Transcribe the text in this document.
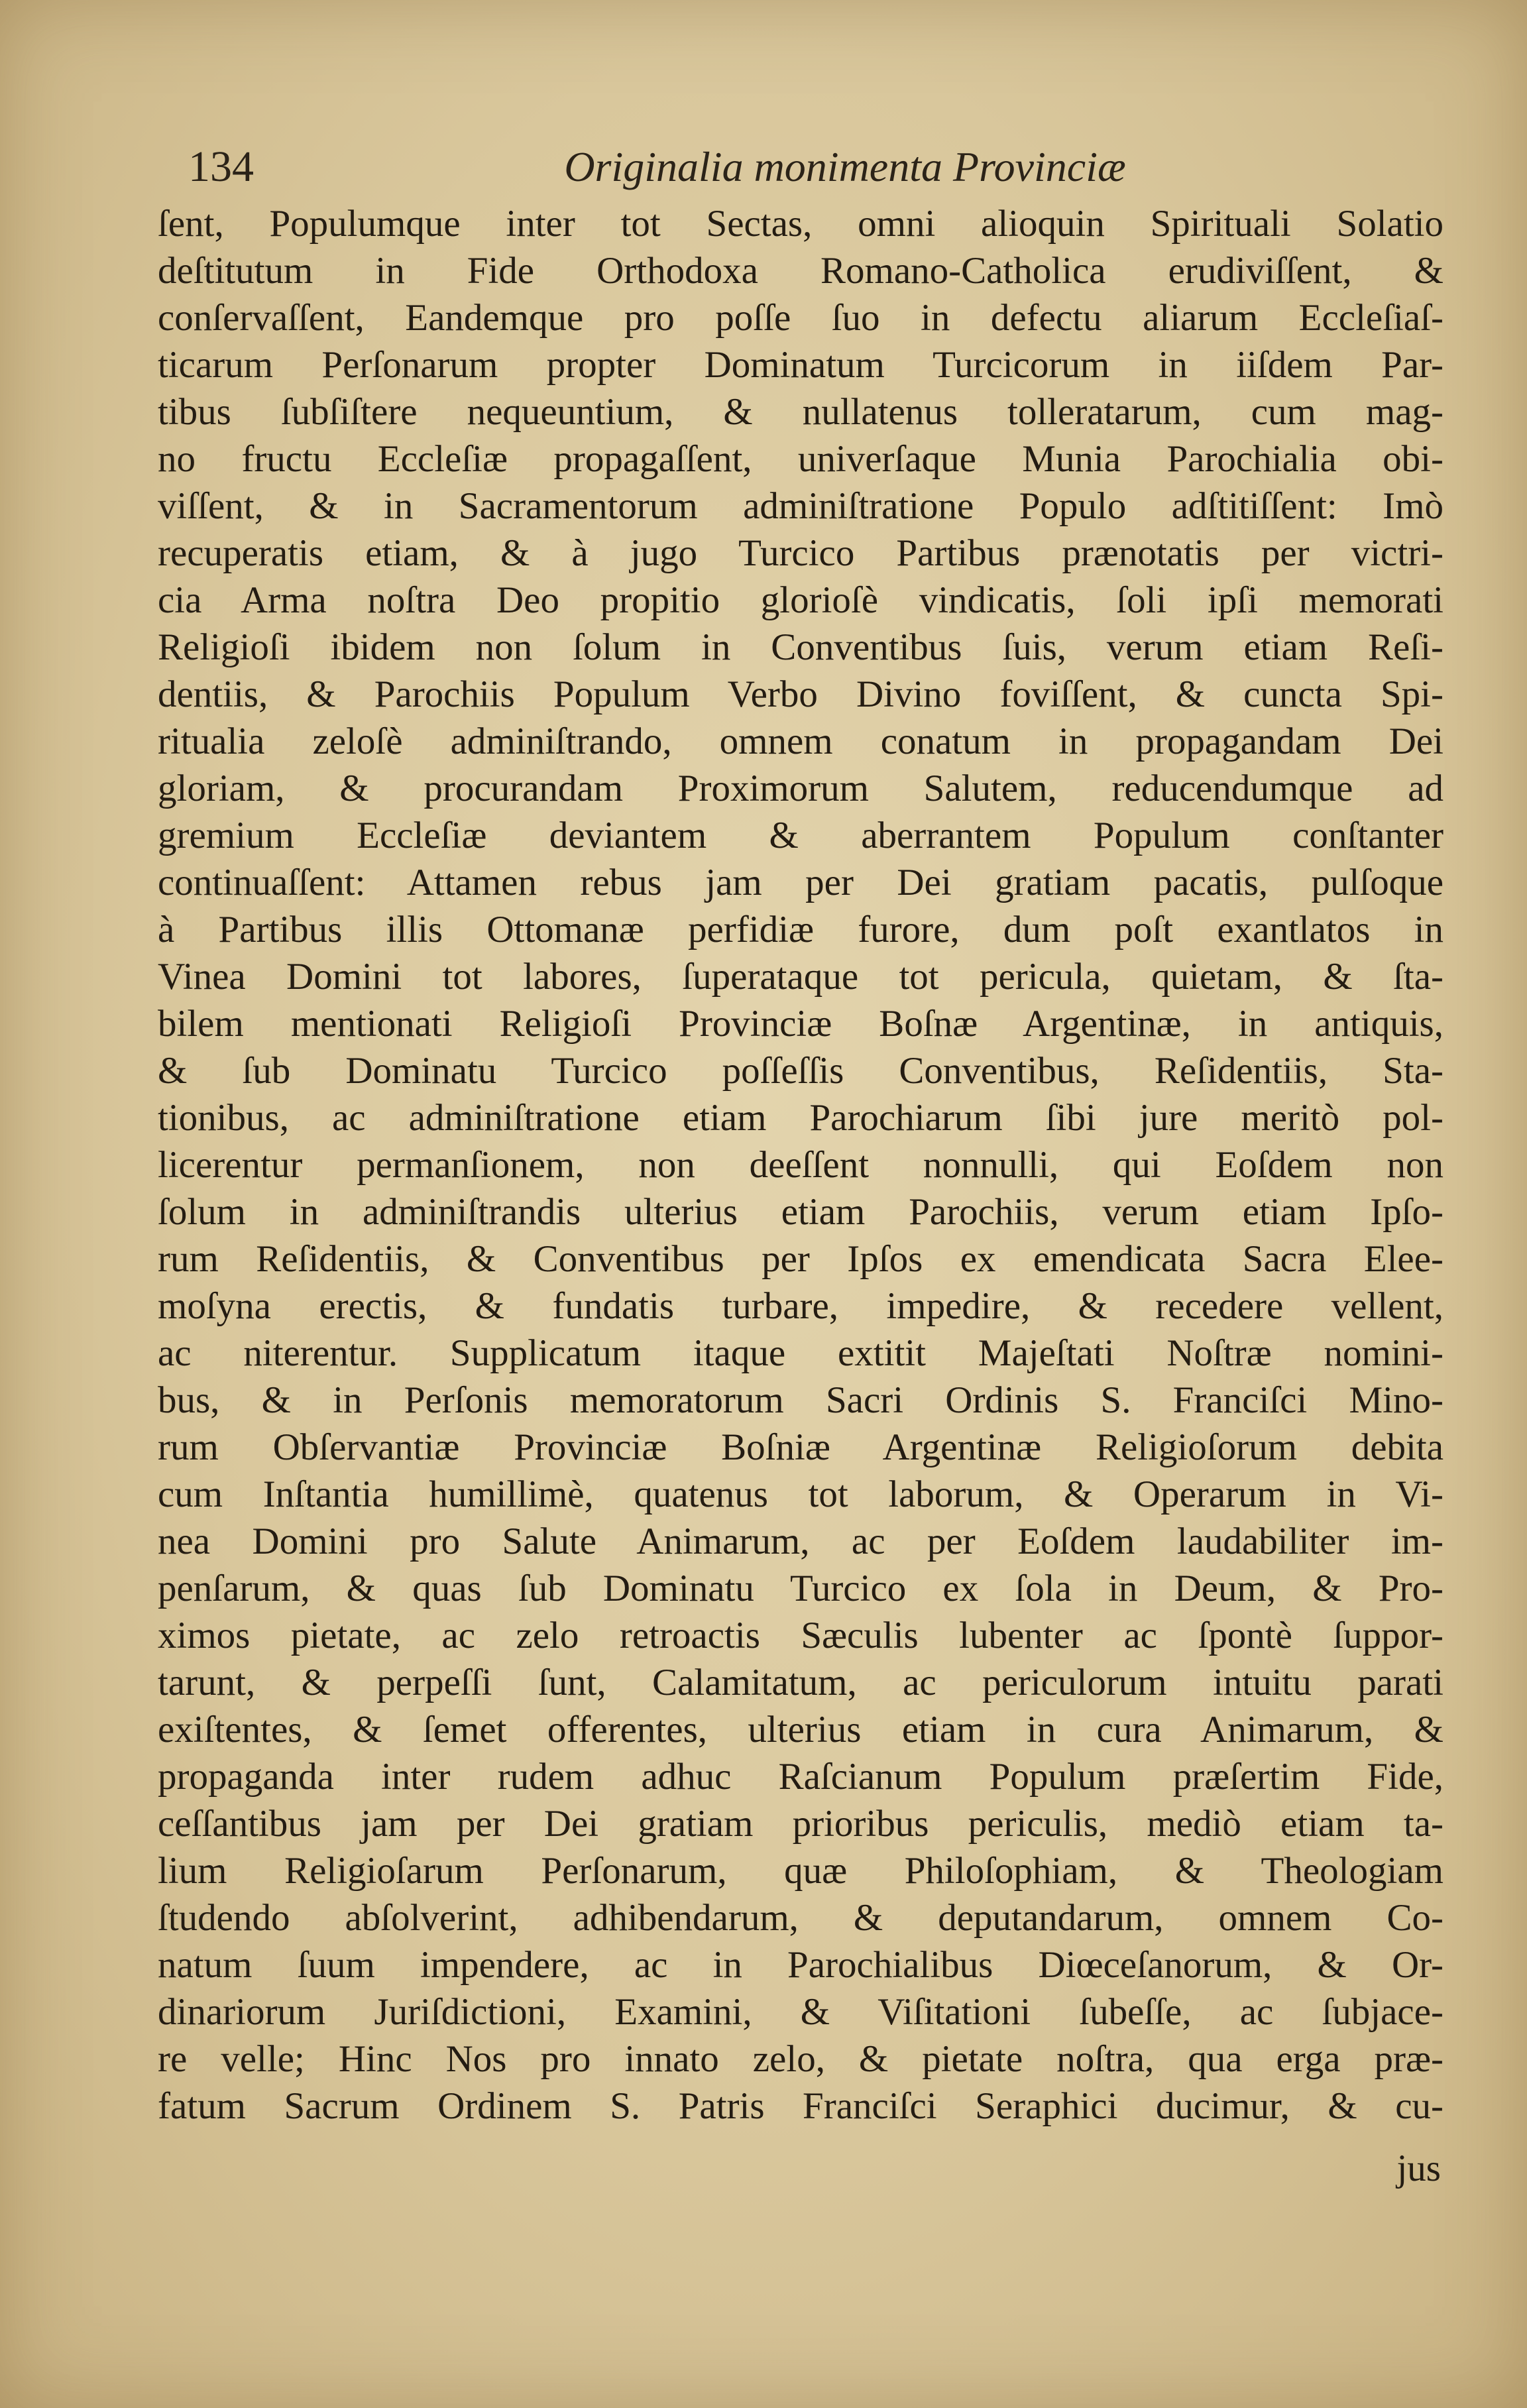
134	Originalia monimenta Provinciæ
ſent, Populumque inter tot Sectas, omni alioquin Spirituali Solatio
deſtitutum in Fide Orthodoxa Romano-Catholica erudiviſſent, &
conſervaſſent, Eandemque pro poſſe ſuo in defectu aliarum Eccleſiaſ-
ticarum Perſonarum propter Dominatum Turcicorum in iiſdem Par-
tibus ſubſiſtere nequeuntium, & nullatenus tolleratarum, cum mag-
no fructu Eccleſiæ propagaſſent, univerſaque Munia Parochialia obi-
viſſent, & in Sacramentorum adminiſtratione Populo adſtitiſſent: Imò
recuperatis etiam, & à jugo Turcico Partibus prænotatis per victri-
cia Arma noſtra Deo propitio glorioſè vindicatis, ſoli ipſi memorati
Religioſi ibidem non ſolum in Conventibus ſuis, verum etiam Reſi-
dentiis, & Parochiis Populum Verbo Divino foviſſent, & cuncta Spi-
ritualia zeloſè adminiſtrando, omnem conatum in propagandam Dei
gloriam, & procurandam Proximorum Salutem, reducendumque ad
gremium Eccleſiæ deviantem & aberrantem Populum conſtanter
continuaſſent: Attamen rebus jam per Dei gratiam pacatis, pulſoque
à Partibus illis Ottomanæ perfidiæ furore, dum poſt exantlatos in
Vinea Domini tot labores, ſuperataque tot pericula, quietam, & ſta-
bilem mentionati Religioſi Provinciæ Boſnæ Argentinæ, in antiquis,
& ſub Dominatu Turcico poſſeſſis Conventibus, Reſidentiis, Sta-
tionibus, ac adminiſtratione etiam Parochiarum ſibi jure meritò pol-
licerentur permanſionem, non deeſſent nonnulli, qui Eoſdem non
ſolum in adminiſtrandis ulterius etiam Parochiis, verum etiam Ipſo-
rum Reſidentiis, & Conventibus per Ipſos ex emendicata Sacra Elee-
moſyna erectis, & fundatis turbare, impedire, & recedere vellent,
ac niterentur. Supplicatum itaque extitit Majeſtati Noſtræ nomini-
bus, & in Perſonis memoratorum Sacri Ordinis S. Franciſci Mino-
rum Obſervantiæ Provinciæ Boſniæ Argentinæ Religioſorum debita
cum Inſtantia humillimè, quatenus tot laborum, & Operarum in Vi-
nea Domini pro Salute Animarum, ac per Eoſdem laudabiliter im-
penſarum, & quas ſub Dominatu Turcico ex ſola in Deum, & Pro-
ximos pietate, ac zelo retroactis Sæculis lubenter ac ſpontè ſuppor-
tarunt, & perpeſſi ſunt, Calamitatum, ac periculorum intuitu parati
exiſtentes, & ſemet offerentes, ulterius etiam in cura Animarum, &
propaganda inter rudem adhuc Raſcianum Populum præſertim Fide,
ceſſantibus jam per Dei gratiam prioribus periculis, mediò etiam ta-
lium Religioſarum Perſonarum, quæ Philoſophiam, & Theologiam
ſtudendo abſolverint, adhibendarum, & deputandarum, omnem Co-
natum ſuum impendere, ac in Parochialibus Diœceſanorum, & Or-
dinariorum Juriſdictioni, Examini, & Viſitationi ſubeſſe, ac ſubjace-
re velle; Hinc Nos pro innato zelo, & pietate noſtra, qua erga præ-
fatum Sacrum Ordinem S. Patris Franciſci Seraphici ducimur, & cu-
jus
